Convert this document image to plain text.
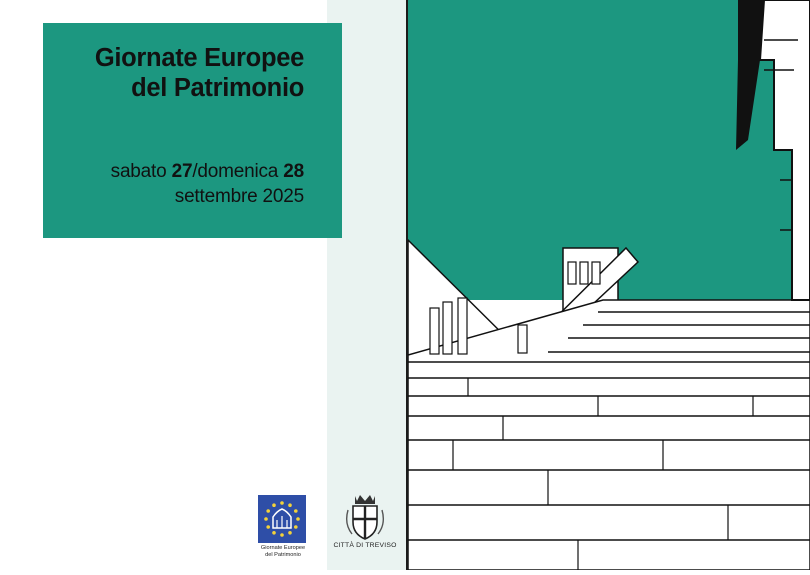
Giornate Europee
del Patrimonio
sabato 27/domenica 28
settembre 2025
Giornate Europee
del Patrimonio
CITTÀ DI TREVISO
